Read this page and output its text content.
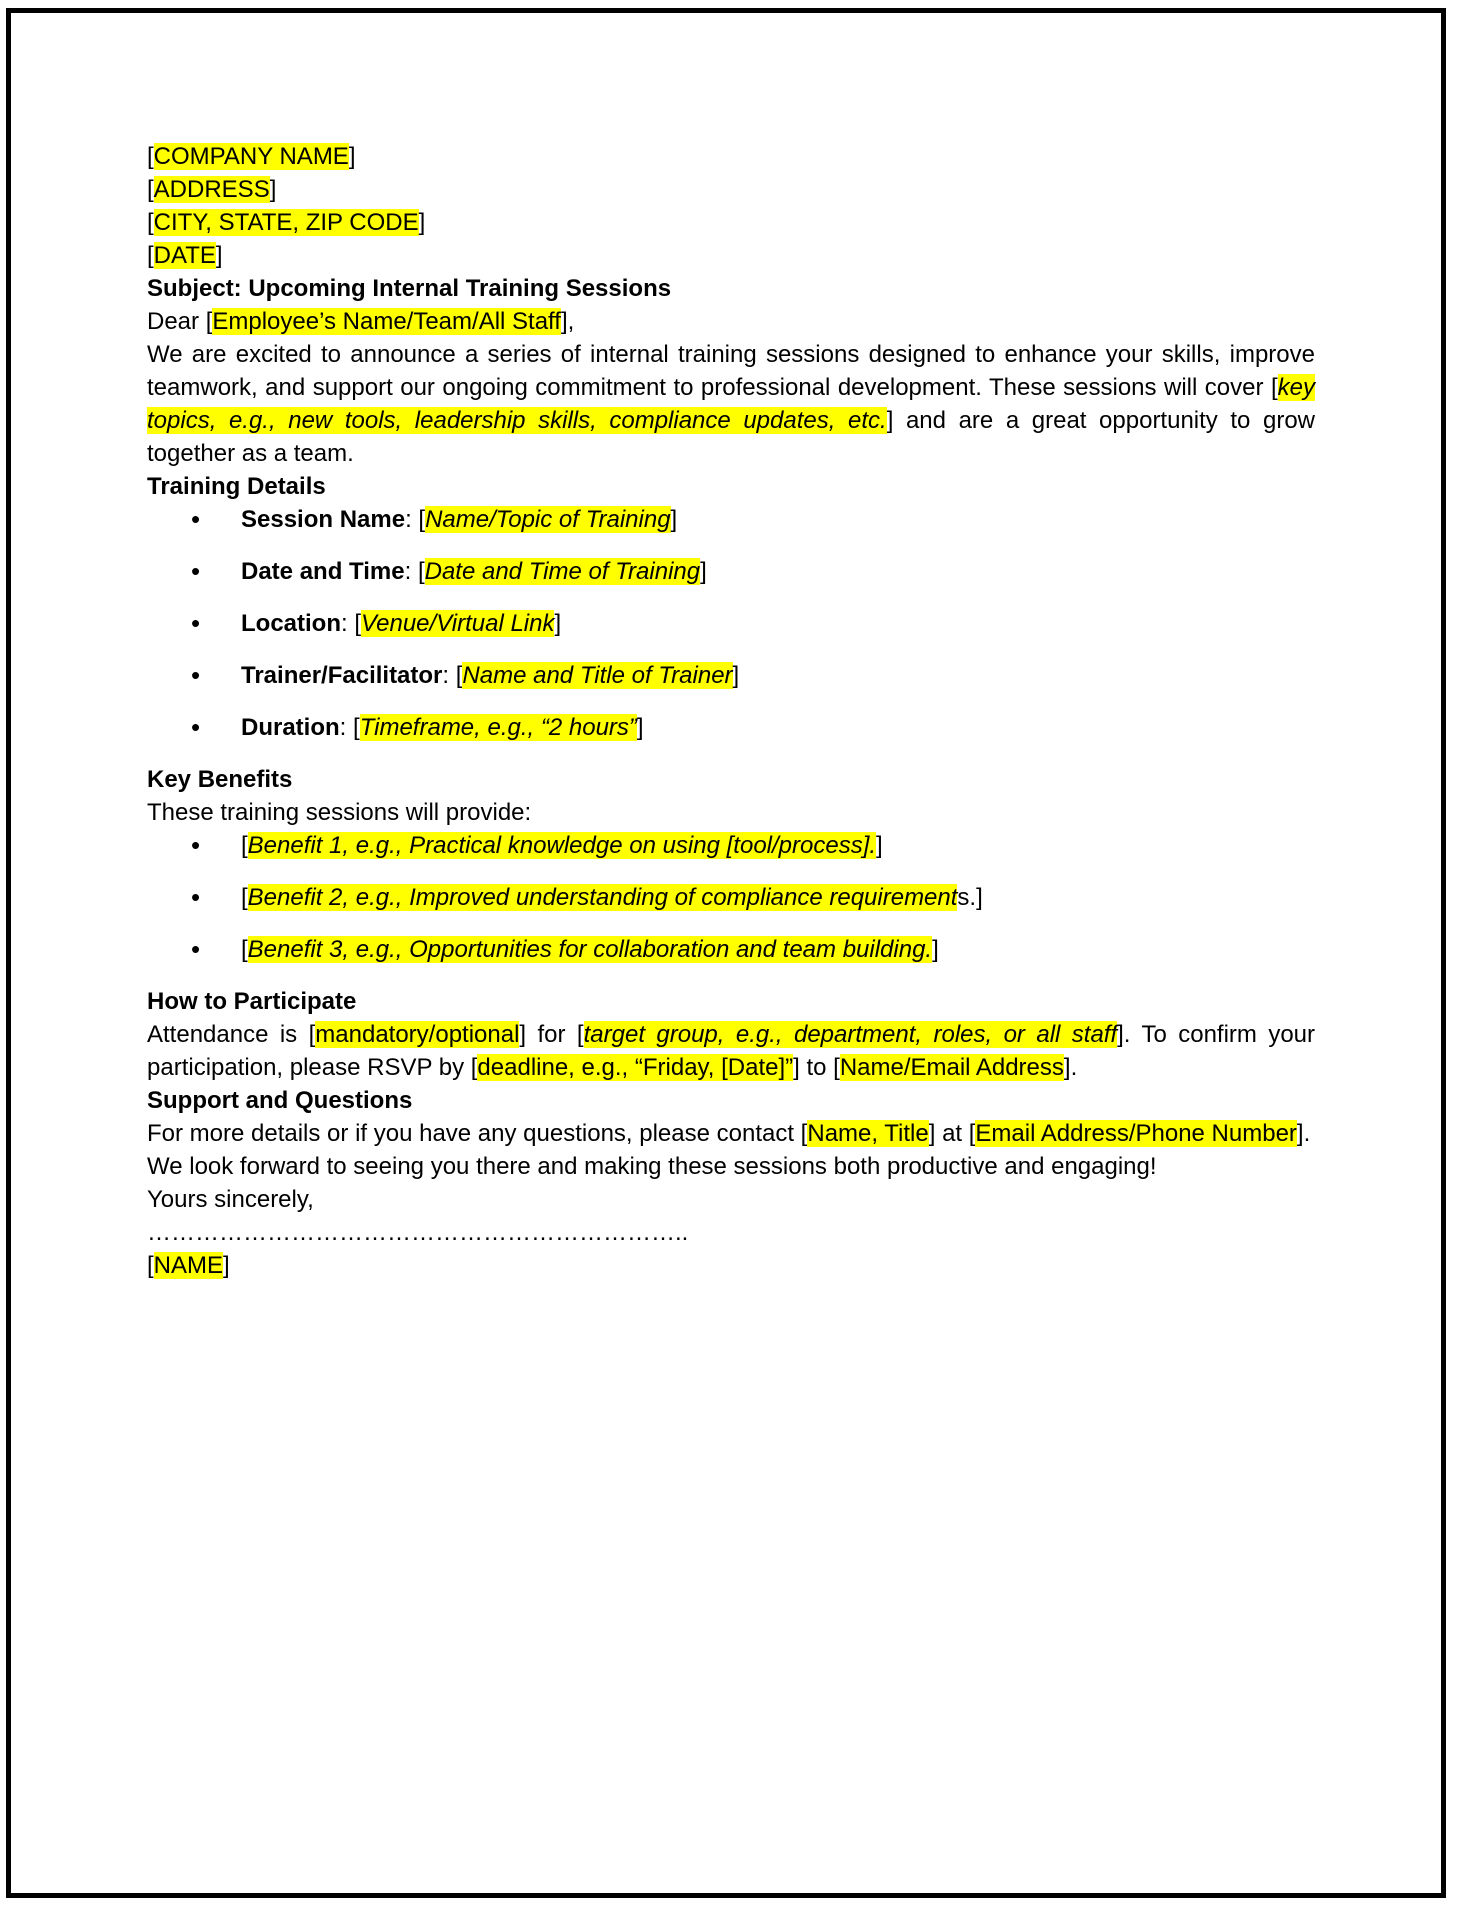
[COMPANY NAME]

[ADDRESS]

[CITY, STATE, ZIP CODE]

[DATE]

Subject: Upcoming Internal Training Sessions

Dear [Employee’s Name/Team/All Staff],

We are excited to announce a series of internal training sessions designed to enhance your skills, improve teamwork, and support our ongoing commitment to professional development. These sessions will cover [key topics, e.g., new tools, leadership skills, compliance updates, etc.] and are a great opportunity to grow together as a team.

Training Details

• Session Name: [Name/Topic of Training]
• Date and Time: [Date and Time of Training]
• Location: [Venue/Virtual Link]
• Trainer/Facilitator: [Name and Title of Trainer]
• Duration: [Timeframe, e.g., “2 hours”]

Key Benefits

These training sessions will provide:

• [Benefit 1, e.g., Practical knowledge on using [tool/process].]
• [Benefit 2, e.g., Improved understanding of compliance requirements.]
• [Benefit 3, e.g., Opportunities for collaboration and team building.]

How to Participate

Attendance is [mandatory/optional] for [target group, e.g., department, roles, or all staff]. To confirm your participation, please RSVP by [deadline, e.g., “Friday, [Date]”] to [Name/Email Address].

Support and Questions

For more details or if you have any questions, please contact [Name, Title] at [Email Address/Phone Number].

We look forward to seeing you there and making these sessions both productive and engaging!

Yours sincerely,

…………………………………………………………..

[NAME]
